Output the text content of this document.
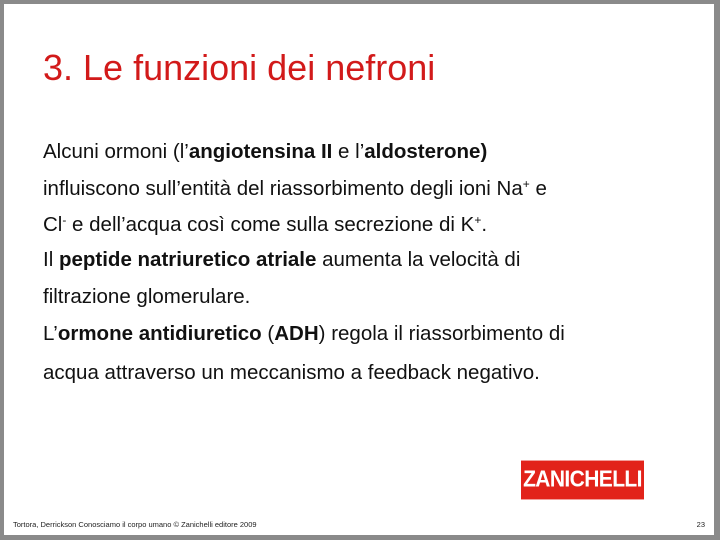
3. Le funzioni dei nefroni

Alcuni ormoni (l’angiotensina II e l’aldosterone)

influiscono sull’entità del riassorbimento degli ioni Na+ e

Cl- e dell’acqua così come sulla secrezione di K+.

Il peptide natriuretico atriale aumenta la velocità di

filtrazione glomerulare.

L’ormone antidiuretico (ADH) regola il riassorbimento di

acqua attraverso un meccanismo a feedback negativo.

ZANICHELLI
Tortora, Derrickson Conosciamo il corpo umano © Zanichelli editore 2009	23
